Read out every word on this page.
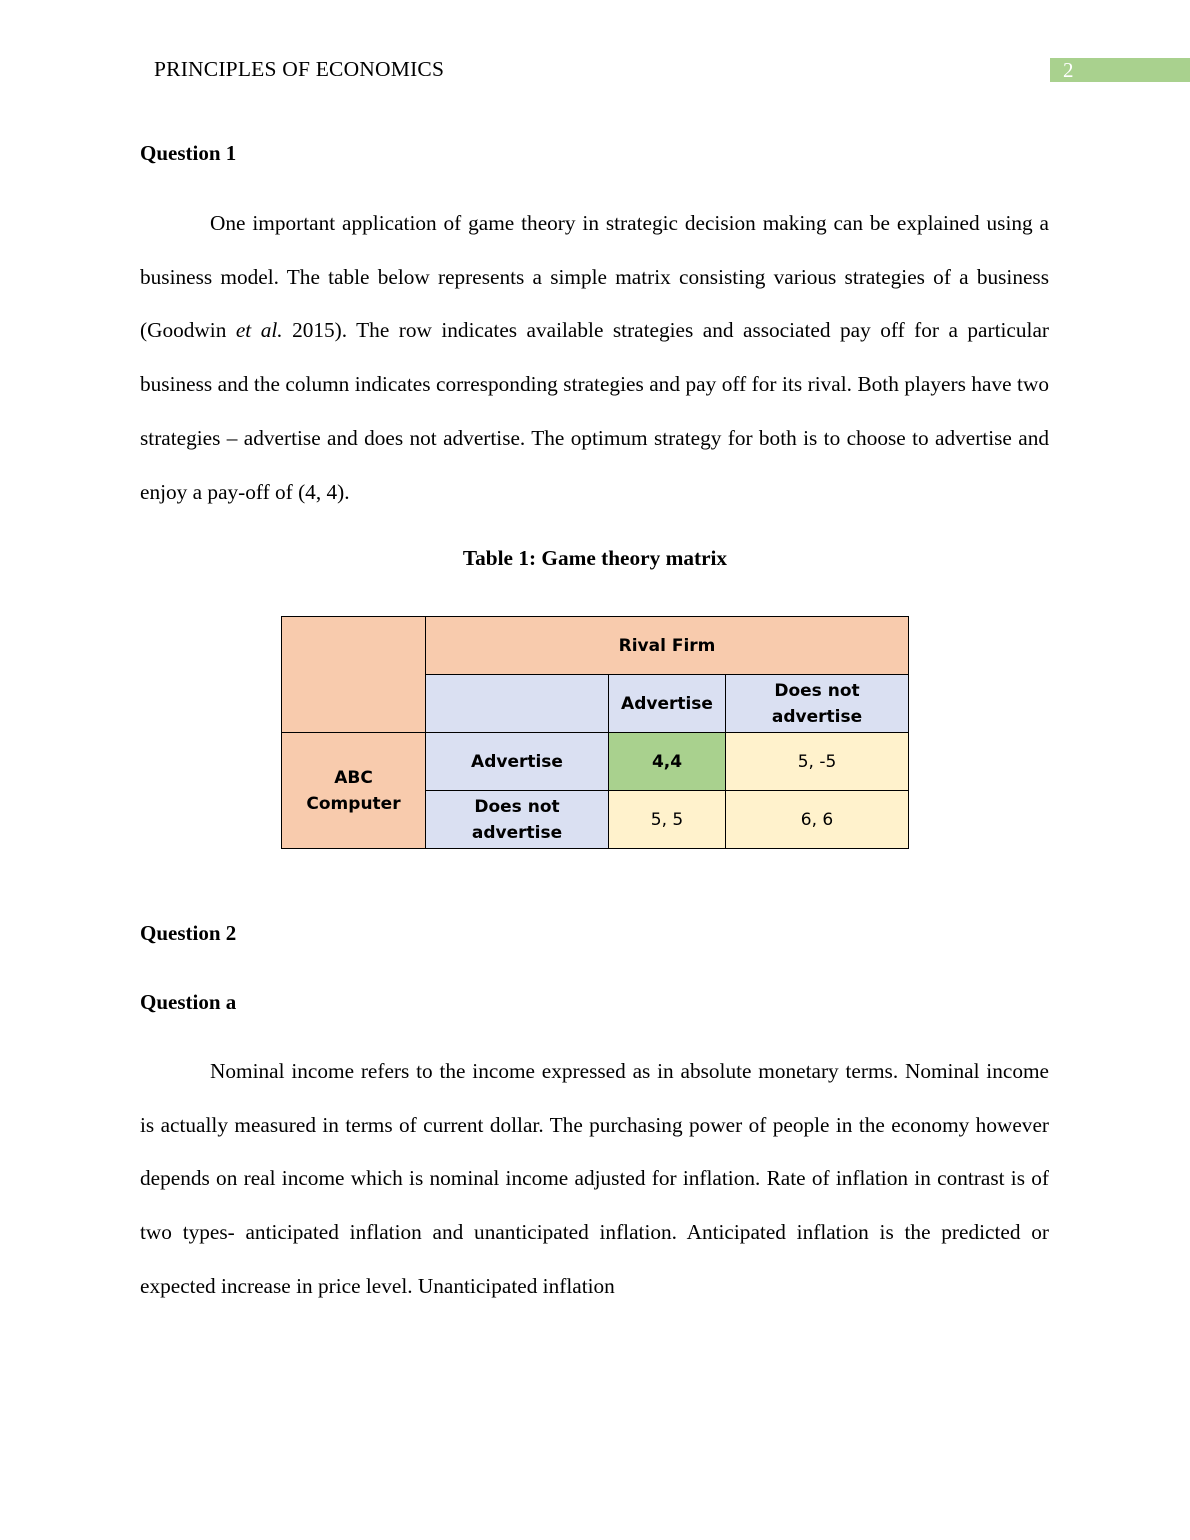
PRINCIPLES OF ECONOMICS	2
Question 1

One important application of game theory in strategic decision making can be explained using a business model. The table below represents a simple matrix consisting various strategies of a business (Goodwin et al. 2015). The row indicates available strategies and associated pay off for a particular business and the column indicates corresponding strategies and pay off for its rival. Both players have two strategies – advertise and does not advertise. The optimum strategy for both is to choose to advertise and enjoy a pay-off of (4, 4).

Table 1: Game theory matrix
	Rival Firm		
		Advertise	Does not advertise
ABC Computer	Advertise	4,4	5, -5
	Does not advertise	5, 5	6, 6
Question 2
Question a

Nominal income refers to the income expressed as in absolute monetary terms. Nominal income is actually measured in terms of current dollar. The purchasing power of people in the economy however depends on real income which is nominal income adjusted for inflation. Rate of inflation in contrast is of two types- anticipated inflation and unanticipated inflation. Anticipated inflation is the predicted or expected increase in price level. Unanticipated inflation
